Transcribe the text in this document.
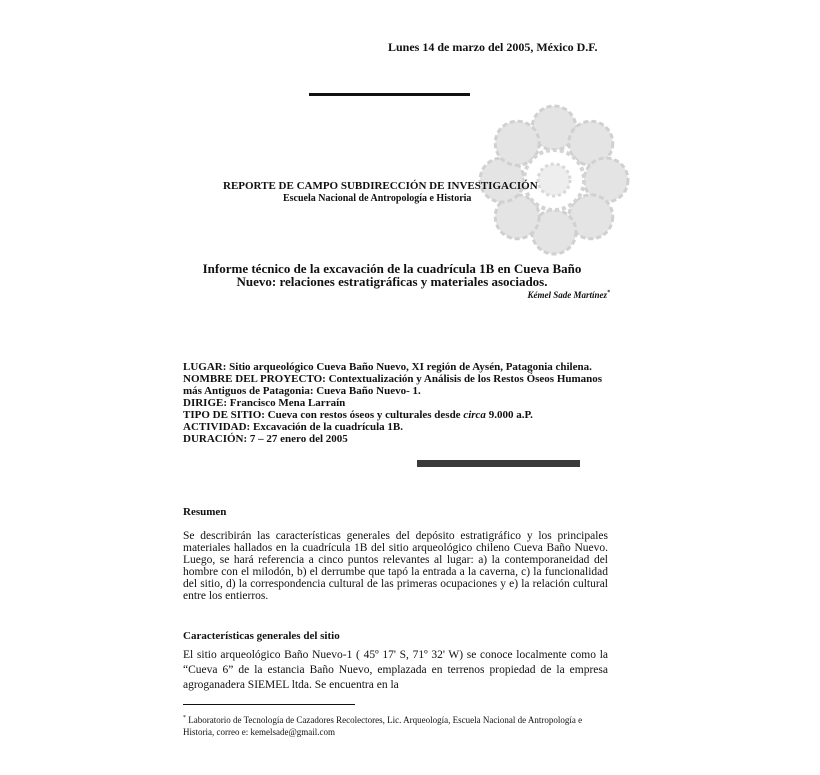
Lunes 14 de marzo del 2005, México D.F.
REPORTE DE CAMPO SUBDIRECCIÓN DE INVESTIGACIÓN
Escuela Nacional de Antropología e Historia
Informe técnico de la excavación de la cuadrícula 1B en Cueva Baño Nuevo: relaciones estratigráficas y materiales asociados.
Kémel Sade Martínez*

LUGAR: Sitio arqueológico Cueva Baño Nuevo, XI región de Aysén, Patagonia chilena.

NOMBRE DEL PROYECTO: Contextualización y Análisis de los Restos Óseos Humanos más Antiguos de Patagonia: Cueva Baño Nuevo- 1.

DIRIGE: Francisco Mena Larraín

TIPO DE SITIO: Cueva con restos óseos y culturales desde circa 9.000 a.P.

ACTIVIDAD: Excavación de la cuadrícula 1B.

DURACIÓN: 7 – 27 enero del 2005

Resumen
Se describirán las características generales del depósito estratigráfico y los principales materiales hallados en la cuadrícula 1B del sitio arqueológico chileno Cueva Baño Nuevo. Luego, se hará referencia a cinco puntos relevantes al lugar: a) la contemporaneidad del hombre con el milodón, b) el derrumbe que tapó la entrada a la caverna, c) la funcionalidad del sitio, d) la correspondencia cultural de las primeras ocupaciones y e) la relación cultural entre los entierros.
Características generales del sitio
El sitio arqueológico Baño Nuevo-1 ( 45º 17' S, 71º 32' W) se conoce localmente como la “Cueva 6” de la estancia Baño Nuevo, emplazada en terrenos propiedad de la empresa agroganadera SIEMEL ltda. Se encuentra en la
* Laboratorio de Tecnología de Cazadores Recolectores, Lic. Arqueología, Escuela Nacional de Antropología e Historia, correo e: kemelsade@gmail.com
